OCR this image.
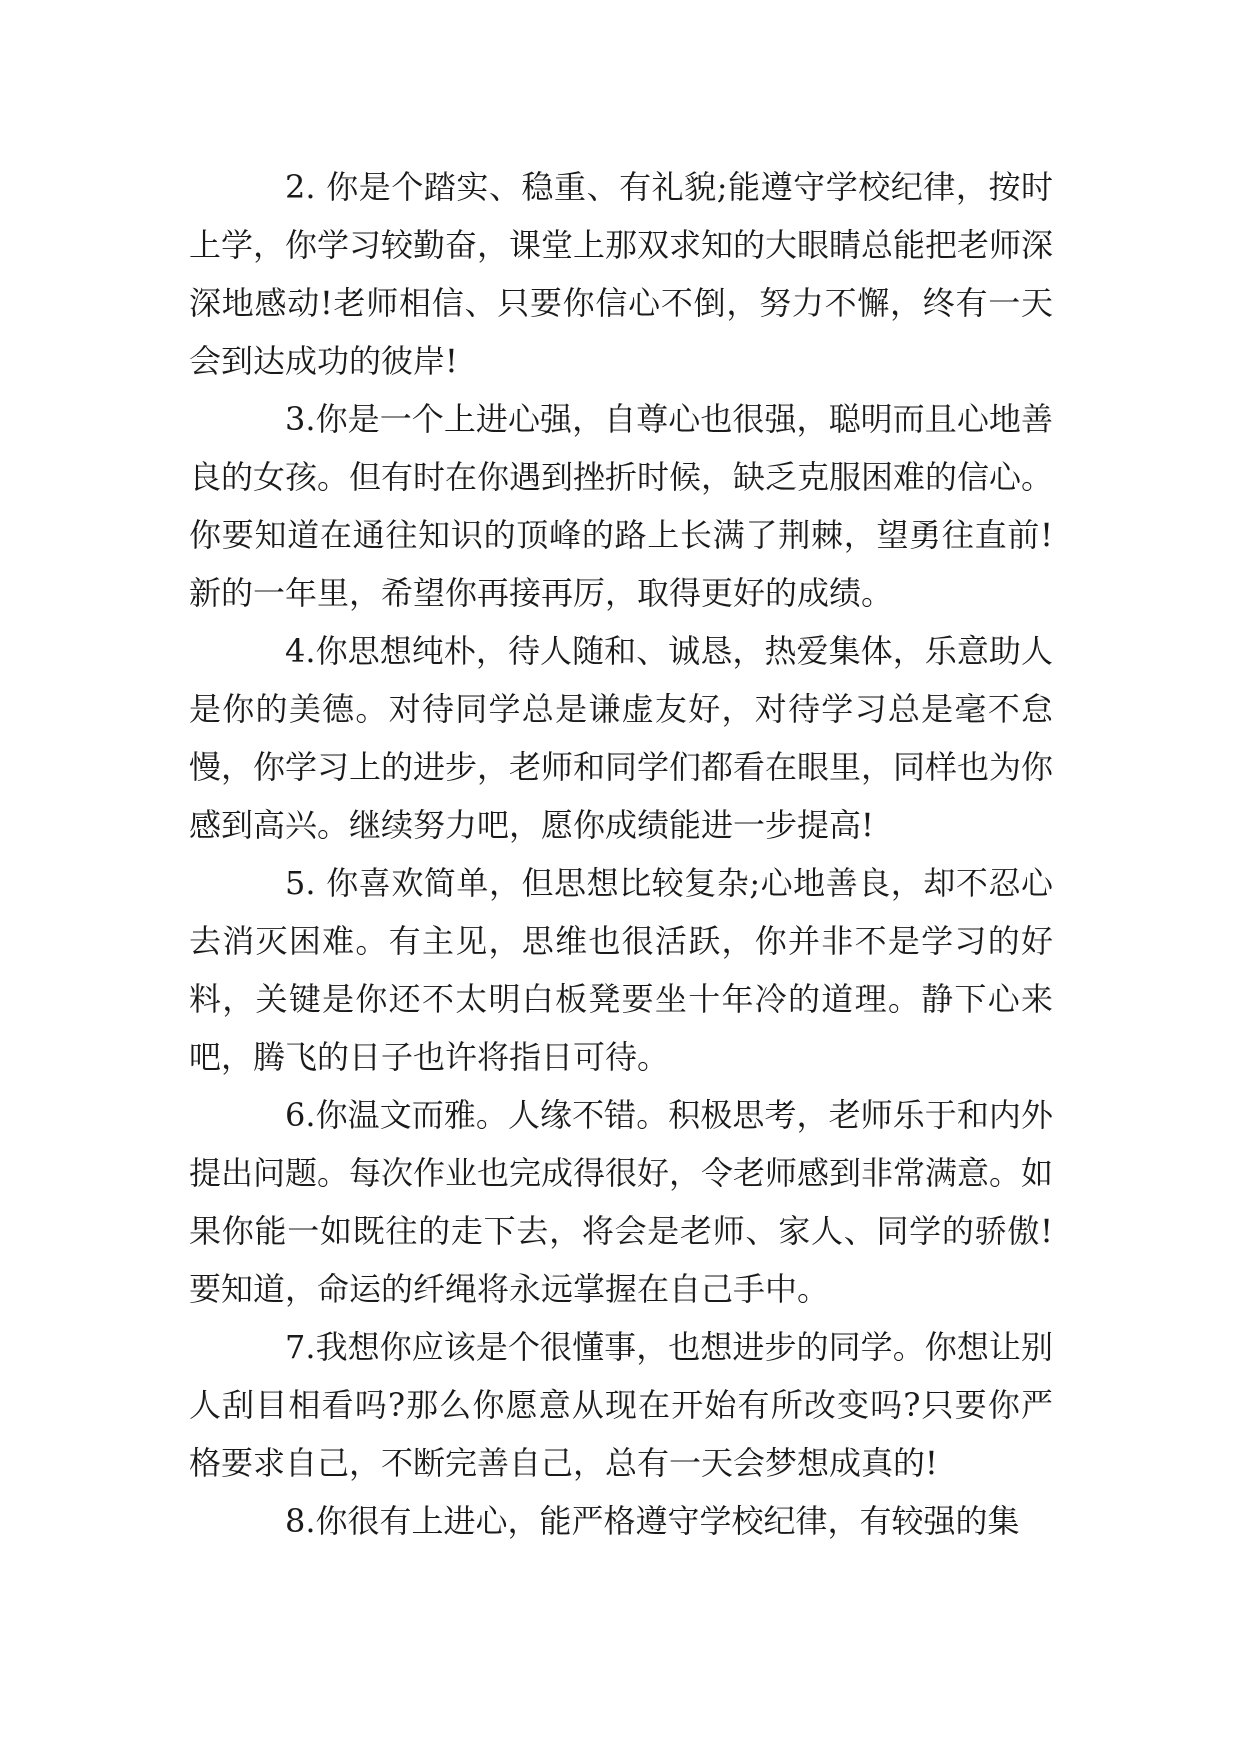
2. 你是个踏实、稳重、有礼貌;能遵守学校纪律，按时上学，你学习较勤奋，课堂上那双求知的大眼睛总能把老师深深地感动!老师相信、只要你信心不倒，努力不懈，终有一天会到达成功的彼岸!

3.你是一个上进心强，自尊心也很强，聪明而且心地善良的女孩。但有时在你遇到挫折时候，缺乏克服困难的信心。你要知道在通往知识的顶峰的路上长满了荆棘，望勇往直前!新的一年里，希望你再接再厉，取得更好的成绩。

4.你思想纯朴，待人随和、诚恳，热爱集体，乐意助人是你的美德。对待同学总是谦虚友好，对待学习总是毫不怠慢，你学习上的进步，老师和同学们都看在眼里，同样也为你感到高兴。继续努力吧，愿你成绩能进一步提高!

5. 你喜欢简单，但思想比较复杂;心地善良，却不忍心去消灭困难。有主见，思维也很活跃，你并非不是学习的好料，关键是你还不太明白板凳要坐十年冷的道理。静下心来吧，腾飞的日子也许将指日可待。

6.你温文而雅。人缘不错。积极思考，老师乐于和内外提出问题。每次作业也完成得很好，令老师感到非常满意。如果你能一如既往的走下去，将会是老师、家人、同学的骄傲!要知道，命运的纤绳将永远掌握在自己手中。

7.我想你应该是个很懂事，也想进步的同学。你想让别人刮目相看吗?那么你愿意从现在开始有所改变吗?只要你严格要求自己，不断完善自己，总有一天会梦想成真的!

8.你很有上进心，能严格遵守学校纪律，有较强的集
